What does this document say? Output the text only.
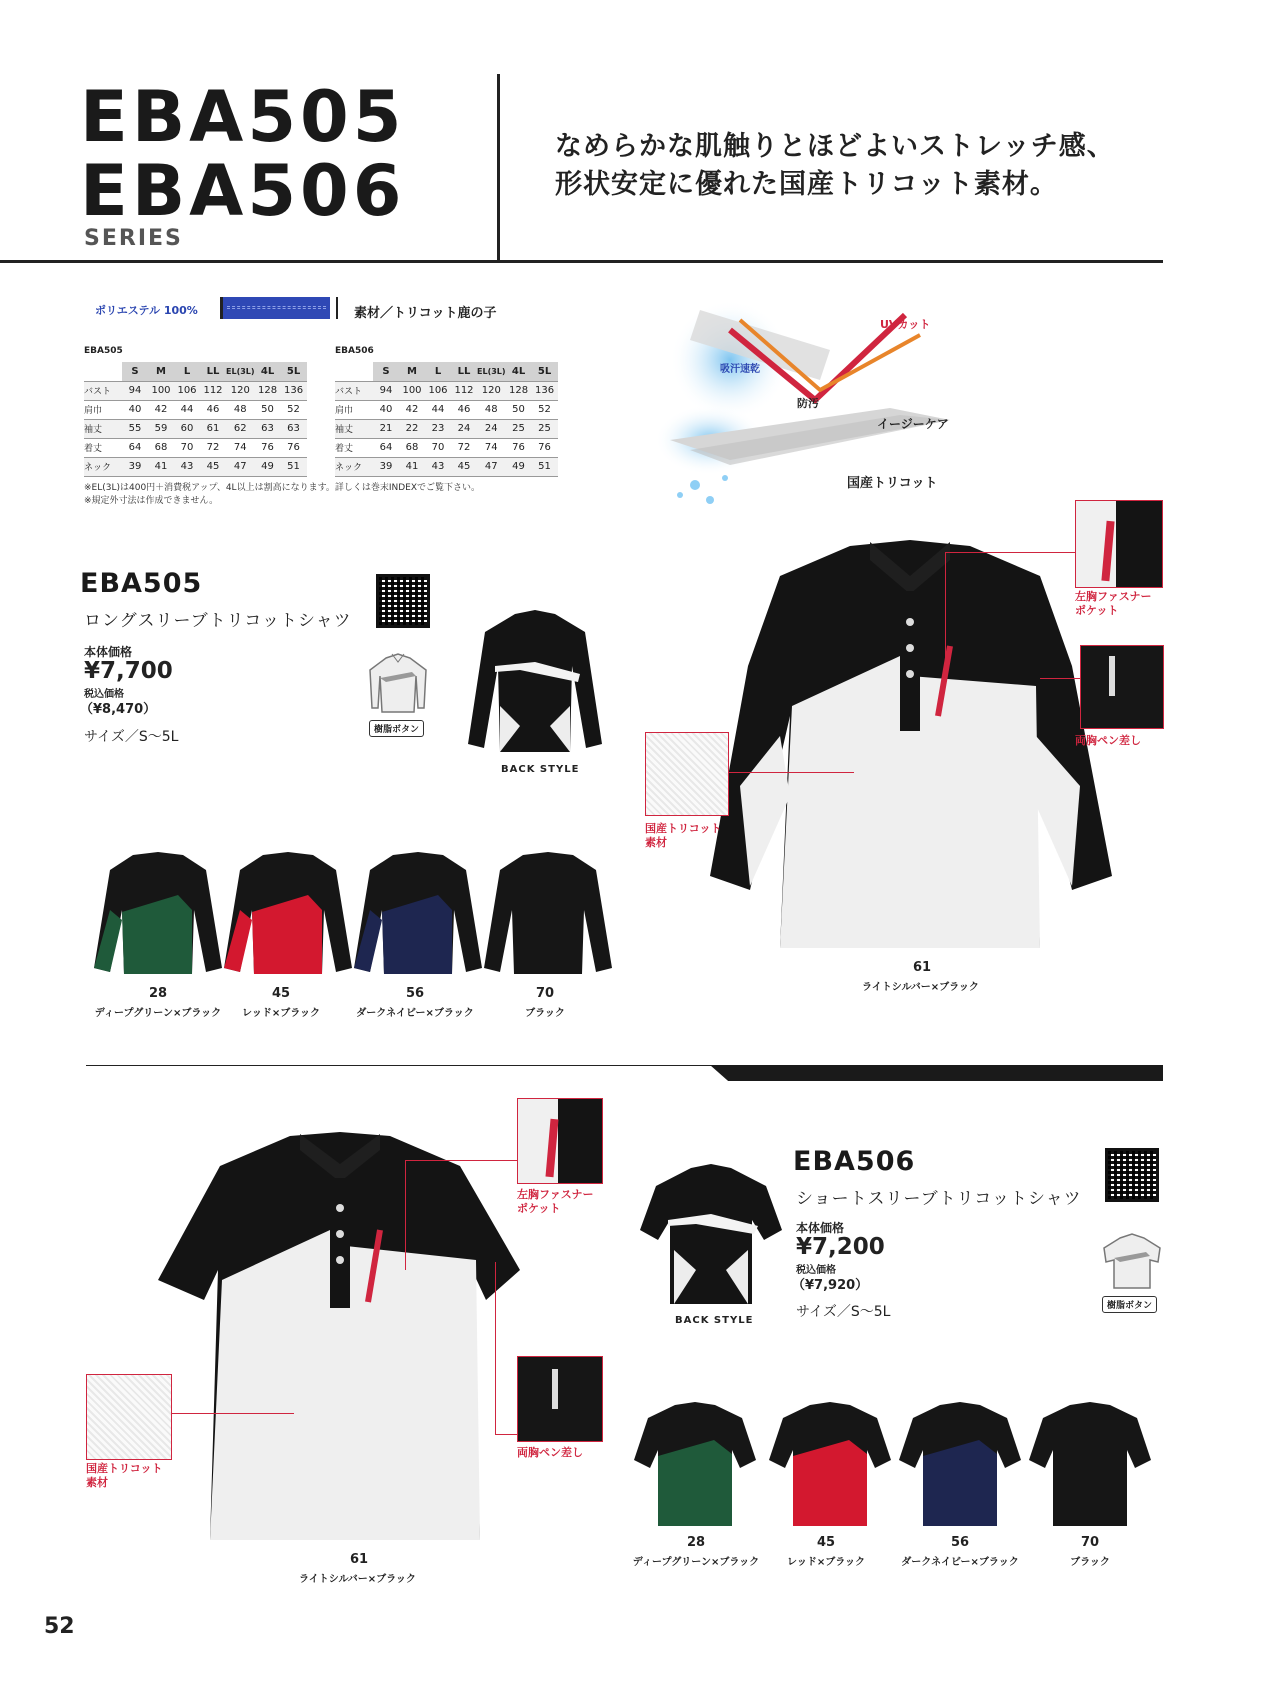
EBA505
EBA506
SERIES
なめらかな肌触りとほどよいストレッチ感、
形状安定に優れた国産トリコット素材。
ポリエステル 100%	素材／トリコット鹿の子
EBA505
	S	M	L	LL	EL(3L)	4L	5L
バスト	94	100	106	112	120	128	136
肩巾	40	42	44	46	48	50	52
袖丈	55	59	60	61	62	63	63
着丈	64	68	70	72	74	76	76
ネック	39	41	43	45	47	49	51
EBA506
	S	M	L	LL	EL(3L)	4L	5L
バスト	94	100	106	112	120	128	136
肩巾	40	42	44	46	48	50	52
袖丈	21	22	23	24	24	25	25
着丈	64	68	70	72	74	76	76
ネック	39	41	43	45	47	49	51
※EL(3L)は400円＋消費税アップ、4L以上は割高になります。詳しくは巻末INDEXでご覧下さい。
※規定外寸法は作成できません。
吸汗速乾
UVカット
防汚
イージーケア
国産トリコット
EBA505
ロングスリーブトリコットシャツ
本体価格
¥7,700
税込価格
（¥8,470）
サイズ／S～5L	樹脂ボタン
BACK STYLE
61
ライトシルバー×ブラック
左胸ファスナー
ポケット
両胸ペン差し
国産トリコット
素材
28
ディープグリーン×ブラック
45
レッド×ブラック
56
ダークネイビー×ブラック
70
ブラック
61
ライトシルバー×ブラック
左胸ファスナー
ポケット
両胸ペン差し
国産トリコット
素材
BACK STYLE
EBA506
ショートスリーブトリコットシャツ
本体価格
¥7,200
税込価格
（¥7,920）
サイズ／S～5L	樹脂ボタン
28
ディープグリーン×ブラック
45
レッド×ブラック
56
ダークネイビー×ブラック
70
ブラック
52
